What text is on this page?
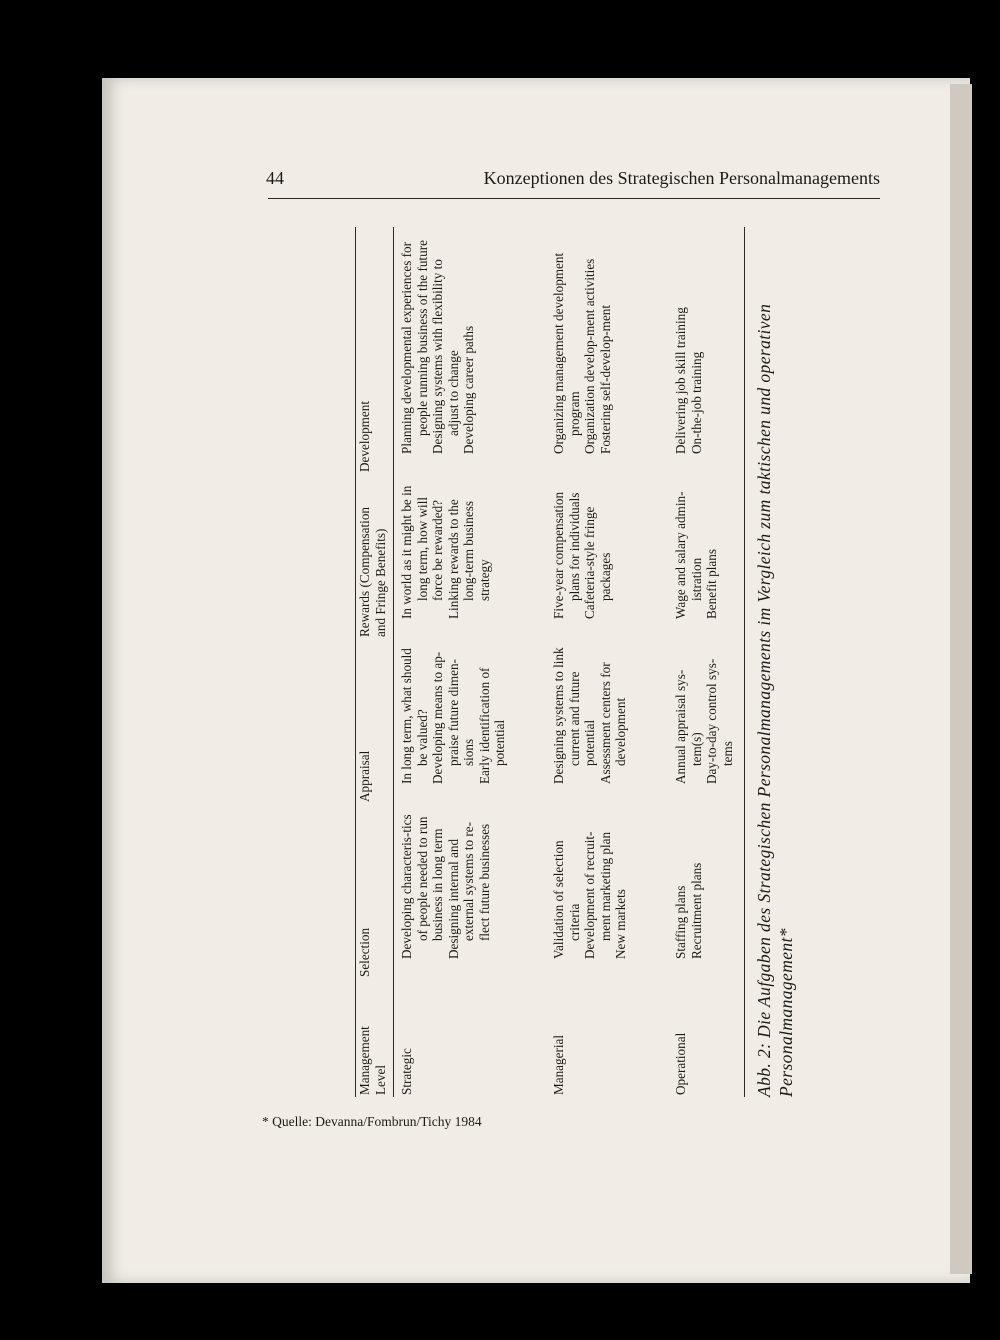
44	Konzeptionen des Strategischen Personalmanagements
Management Level
Selection
Appraisal
Rewards (Compensation and Fringe Benefits)
Development
Strategic

Developing characteris-tics of people needed to run business in long term Designing internal and external systems to re-flect future businesses

In long term, what should be valued? Developing means to ap-praise future dimen-sions Early identification of potential

In world as it might be in long term, how will force be rewarded? Linking rewards to the long-term business strategy

Planning developmental experiences for people running business of the future Designing systems with flexibility to adjust to change Developing career paths

Managerial

Validation of selection criteria Development of recruit-ment marketing plan New markets

Designing systems to link current and future potential Assessment centers for development

Five-year compensation plans for individuals Cafeteria-style fringe packages

Organizing management development program Organization develop-ment activities Fostering self-develop-ment

Operational

Staffing plans Recruitment plans

Annual appraisal sys-tem(s) Day-to-day control sys-tems

Wage and salary admin-istration Benefit plans

Delivering job skill training On-the-job training	Abb. 2: Die Aufgaben des Strategischen Personalmanagements im Vergleich zum taktischen und operativen Personalmanagement*
* Quelle: Devanna/Fombrun/Tichy 1984
